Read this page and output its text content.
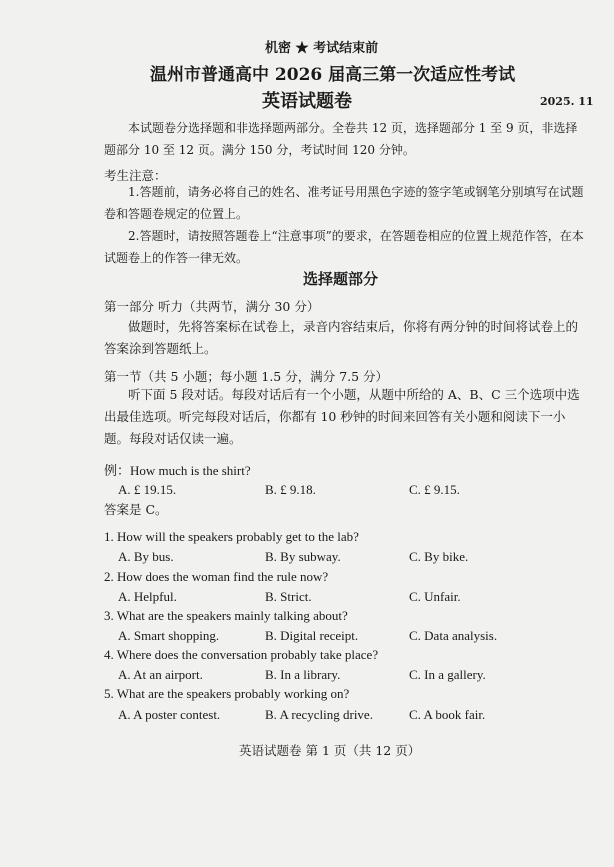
机密 ★ 考试结束前
温州市普通高中 2026 届高三第一次适应性考试
英语试题卷	2025. 11
本试题卷分选择题和非选择题两部分。全卷共 12 页，选择题部分 1 至 9 页，非选择题部分 10 至 12 页。满分 150 分，考试时间 120 分钟。
考生注意：
1.答题前，请务必将自己的姓名、准考证号用黑色字迹的签字笔或钢笔分别填写在试题卷和答题卷规定的位置上。
2.答题时，请按照答题卷上“注意事项”的要求，在答题卷相应的位置上规范作答，在本试题卷上的作答一律无效。
选择题部分
第一部分 听力（共两节，满分 30 分）
做题时，先将答案标在试卷上，录音内容结束后，你将有两分钟的时间将试卷上的答案涂到答题纸上。
第一节（共 5 小题；每小题 1.5 分，满分 7.5 分）
听下面 5 段对话。每段对话后有一个小题，从题中所给的 A、B、C 三个选项中选出最佳选项。听完每段对话后，你都有 10 秒钟的时间来回答有关小题和阅读下一小题。每段对话仅读一遍。
例：How much is the shirt?
A. £ 19.15.	B. £ 9.18.	C. £ 9.15.
答案是 C。
1. How will the speakers probably get to the lab?
A. By bus.	B. By subway.	C. By bike.
2. How does the woman find the rule now?
A. Helpful.	B. Strict.	C. Unfair.
3. What are the speakers mainly talking about?
A. Smart shopping.	B. Digital receipt.	C. Data analysis.
4. Where does the conversation probably take place?
A. At an airport.	B. In a library.	C. In a gallery.
5. What are the speakers probably working on?
A. A poster contest.	B. A recycling drive.	C. A book fair.
英语试题卷 第 1 页（共 12 页）
